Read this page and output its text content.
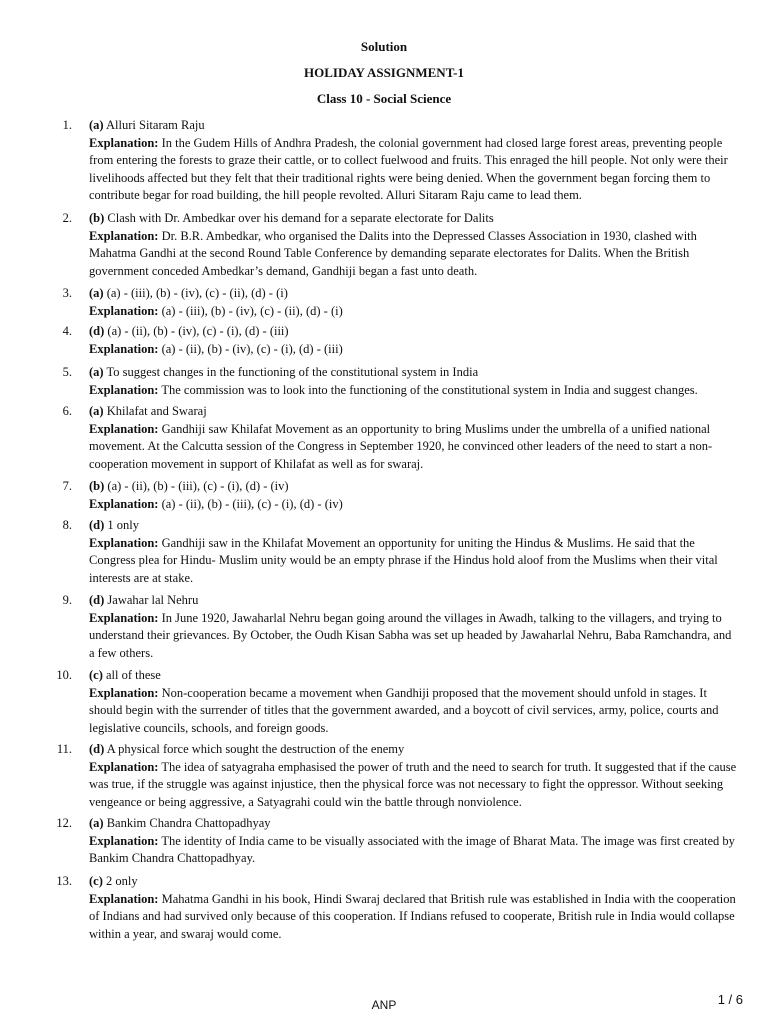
Solution
HOLIDAY ASSIGNMENT-1
Class 10 - Social Science
1. (a) Alluri Sitaram Raju
Explanation: In the Gudem Hills of Andhra Pradesh, the colonial government had closed large forest areas, preventing people from entering the forests to graze their cattle, or to collect fuelwood and fruits. This enraged the hill people. Not only were their livelihoods affected but they felt that their traditional rights were being denied. When the government began forcing them to contribute begar for road building, the hill people revolted. Alluri Sitaram Raju came to lead them.
2. (b) Clash with Dr. Ambedkar over his demand for a separate electorate for Dalits
Explanation: Dr. B.R. Ambedkar, who organised the Dalits into the Depressed Classes Association in 1930, clashed with Mahatma Gandhi at the second Round Table Conference by demanding separate electorates for Dalits. When the British government conceded Ambedkar’s demand, Gandhiji began a fast unto death.
3. (a) (a) - (iii), (b) - (iv), (c) - (ii), (d) - (i)
Explanation: (a) - (iii), (b) - (iv), (c) - (ii), (d) - (i)
4. (d) (a) - (ii), (b) - (iv), (c) - (i), (d) - (iii)
Explanation: (a) - (ii), (b) - (iv), (c) - (i), (d) - (iii)
5. (a) To suggest changes in the functioning of the constitutional system in India
Explanation: The commission was to look into the functioning of the constitutional system in India and suggest changes.
6. (a) Khilafat and Swaraj
Explanation: Gandhiji saw Khilafat Movement as an opportunity to bring Muslims under the umbrella of a unified national movement. At the Calcutta session of the Congress in September 1920, he convinced other leaders of the need to start a non-cooperation movement in support of Khilafat as well as for swaraj.
7. (b) (a) - (ii), (b) - (iii), (c) - (i), (d) - (iv)
Explanation: (a) - (ii), (b) - (iii), (c) - (i), (d) - (iv)
8. (d) 1 only
Explanation: Gandhiji saw in the Khilafat Movement an opportunity for uniting the Hindus & Muslims. He said that the Congress plea for Hindu- Muslim unity would be an empty phrase if the Hindus hold aloof from the Muslims when their vital interests are at stake.
9. (d) Jawahar lal Nehru
Explanation: In June 1920, Jawaharlal Nehru began going around the villages in Awadh, talking to the villagers, and trying to understand their grievances. By October, the Oudh Kisan Sabha was set up headed by Jawaharlal Nehru, Baba Ramchandra, and a few others.
10. (c) all of these
Explanation: Non-cooperation became a movement when Gandhiji proposed that the movement should unfold in stages. It should begin with the surrender of titles that the government awarded, and a boycott of civil services, army, police, courts and legislative councils, schools, and foreign goods.
11. (d) A physical force which sought the destruction of the enemy
Explanation: The idea of satyagraha emphasised the power of truth and the need to search for truth. It suggested that if the cause was true, if the struggle was against injustice, then the physical force was not necessary to fight the oppressor. Without seeking vengeance or being aggressive, a Satyagrahi could win the battle through nonviolence.
12. (a) Bankim Chandra Chattopadhyay
Explanation: The identity of India came to be visually associated with the image of Bharat Mata. The image was first created by Bankim Chandra Chattopadhyay.
13. (c) 2 only
Explanation: Mahatma Gandhi in his book, Hindi Swaraj declared that British rule was established in India with the cooperation of Indians and had survived only because of this cooperation. If Indians refused to cooperate, British rule in India would collapse within a year, and swaraj would come.
ANP	1 / 6
